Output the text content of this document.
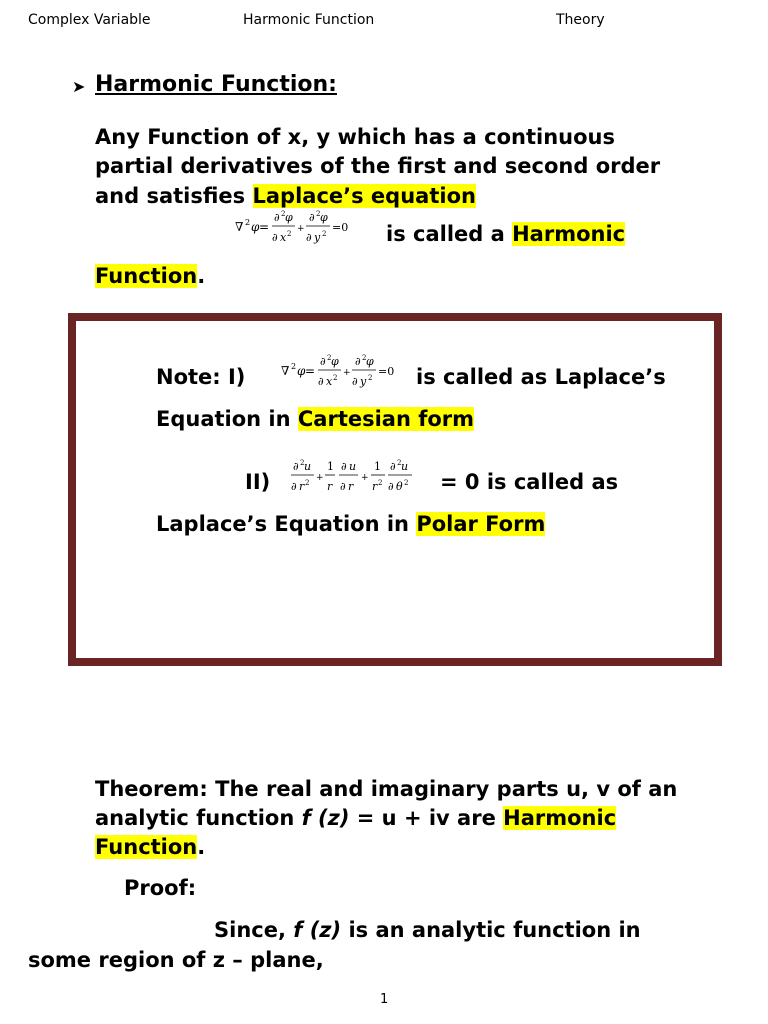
Complex Variable	Harmonic Function	Theory
➤ Harmonic Function:
Any Function of x, y which has a continuous
partial derivatives of the first and second order
and satisfies Laplace’s equation
∇ 2 φ =
∂ 2 φ
∂ x 2 +
∂ 2 φ
∂ y 2 =0 is called a Harmonic
Function.
Note: I)	∇ 2 φ =
∂ 2 φ
∂ x 2 +
∂ 2 φ
∂ y 2 =0 is called as Laplace’s
Equation in Cartesian form
II)
∂ 2 u
∂ r 2 +
1
r
∂ u
∂ r
+
1
r 2
∂ 2 u
∂ θ 2 = 0 is called as
Laplace’s Equation in Polar Form
Theorem: The real and imaginary parts u, v of an
analytic function f (z) = u + iv are Harmonic
Function.
Proof:
Since, f (z) is an analytic function in
some region of z – plane,
1
